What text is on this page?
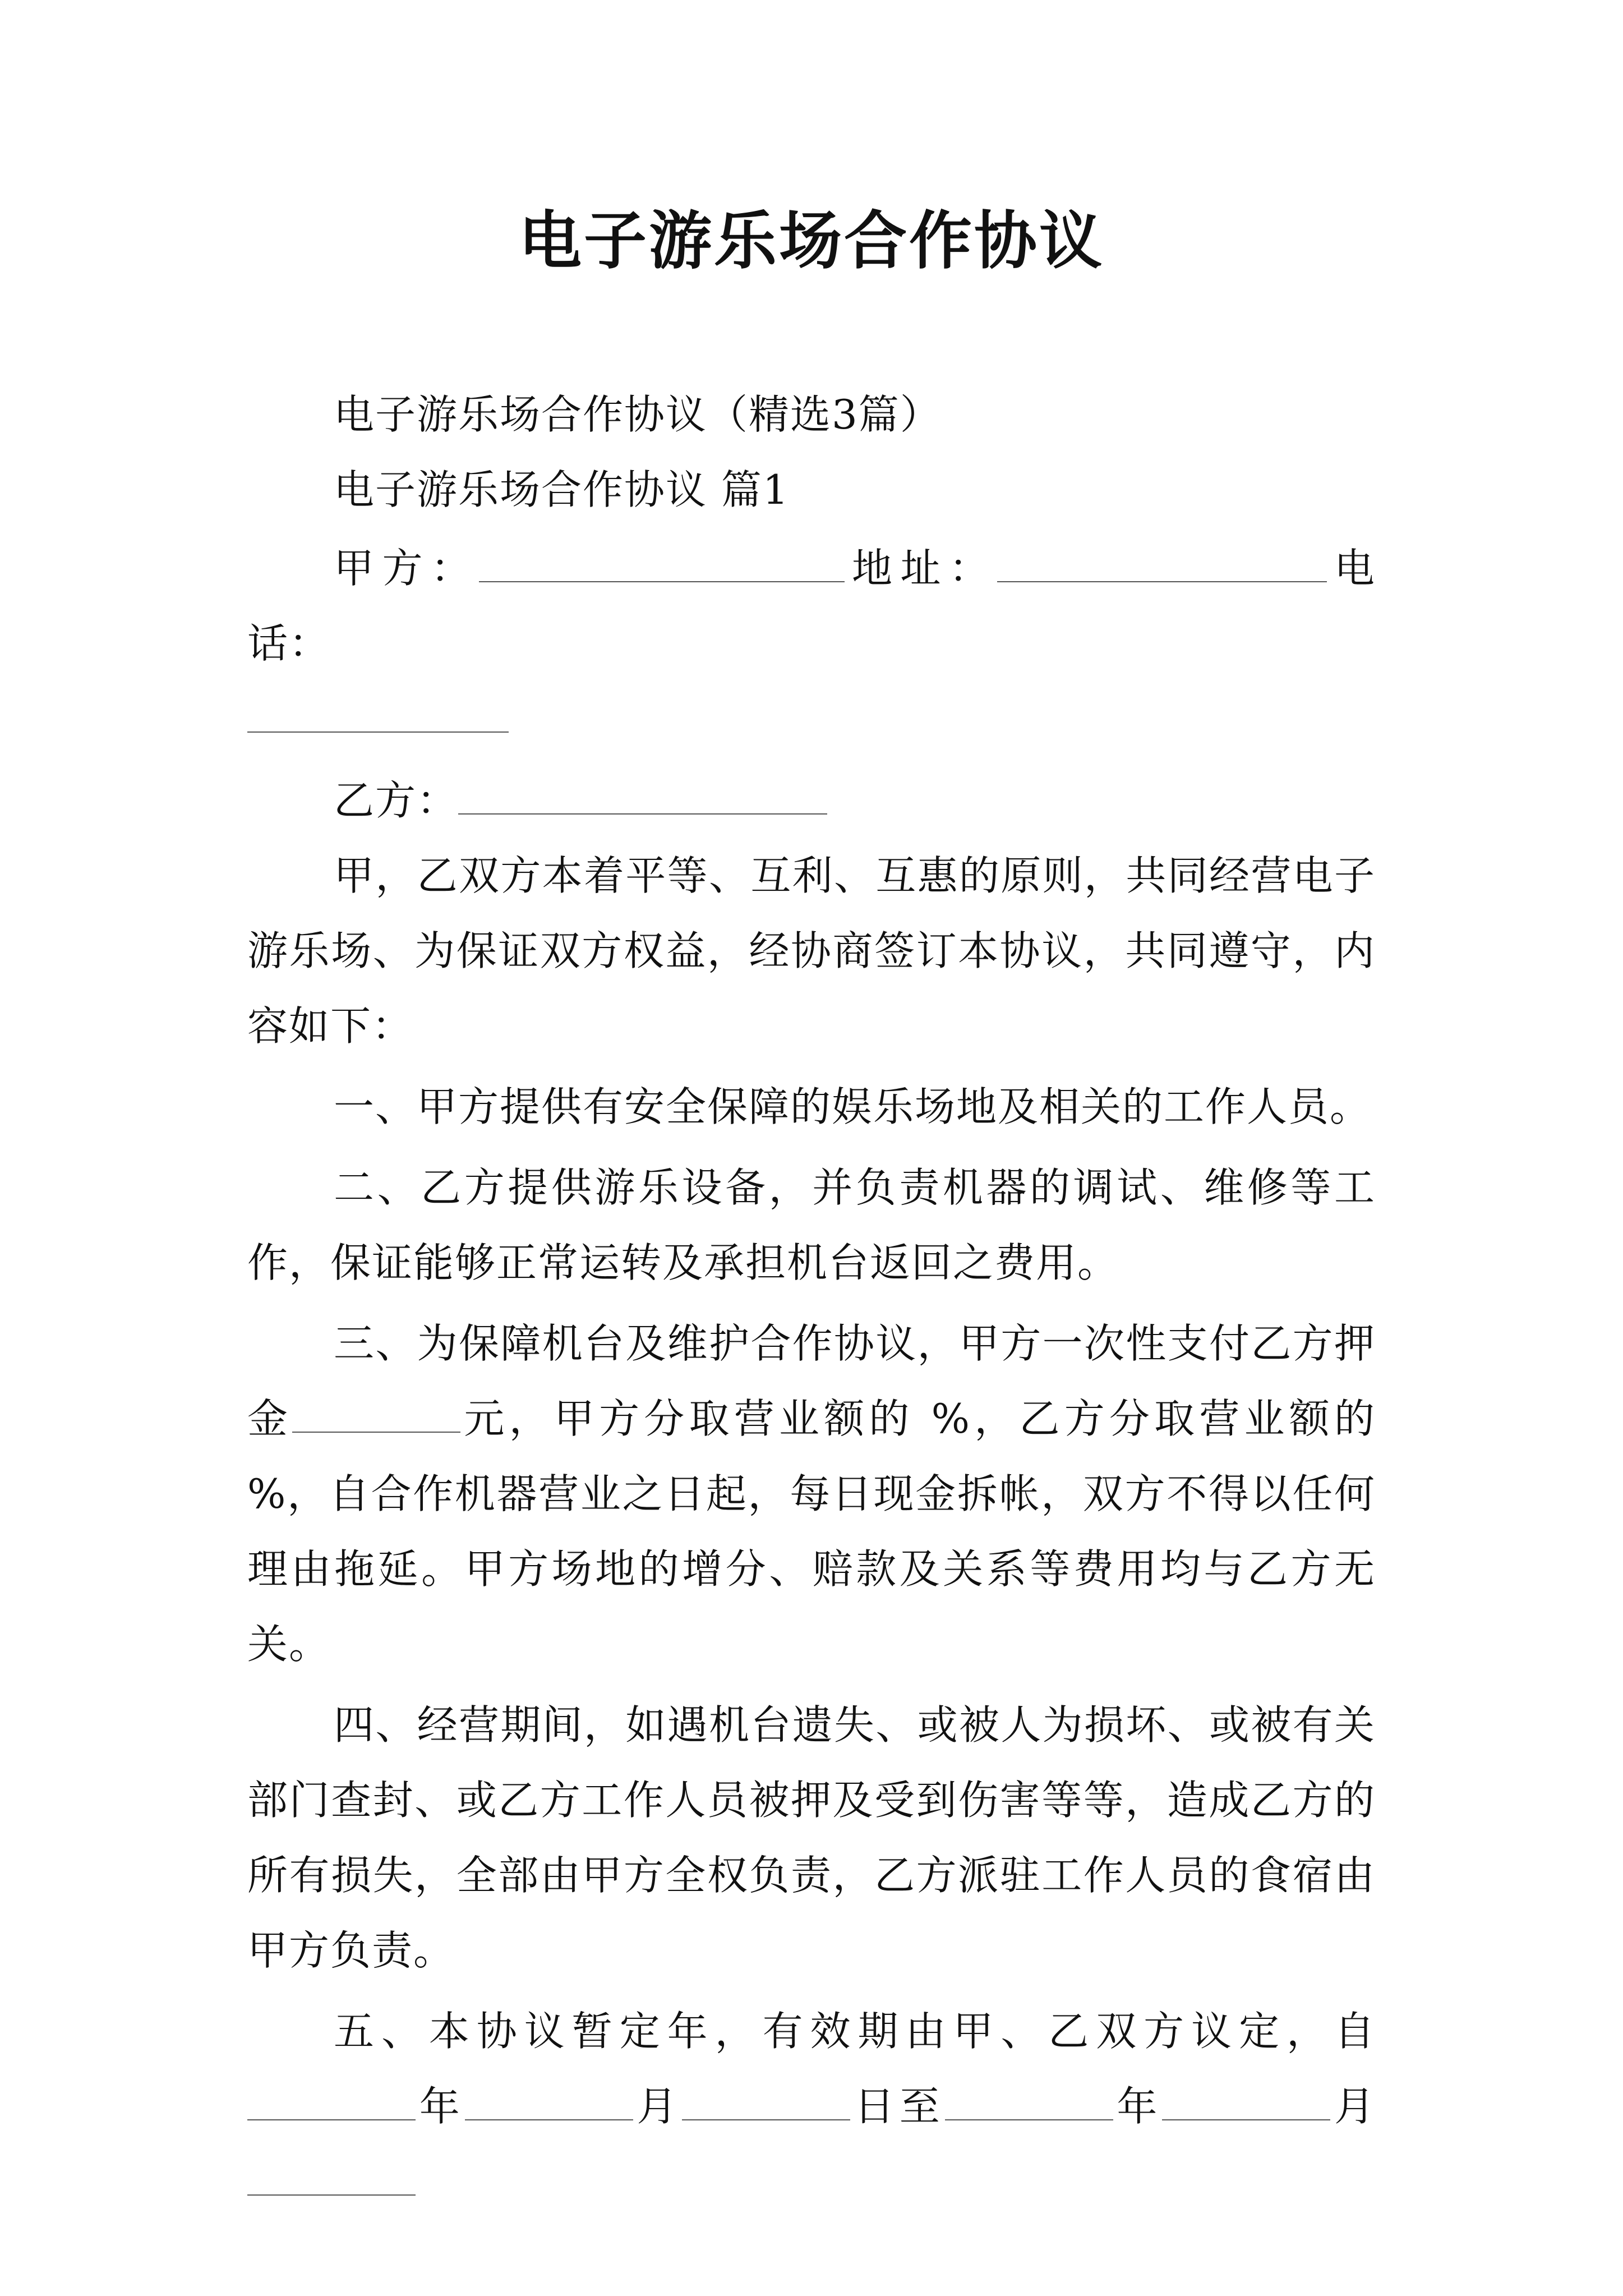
电子游乐场合作协议

电子游乐场合作协议（精选3篇）

电子游乐场合作协议 篇1

甲方：	地址：	电话：

乙方：

甲，乙双方本着平等、互利、互惠的原则，共同经营电子游乐场、为保证双方权益，经协商签订本协议，共同遵守，内容如下：

一、甲方提供有安全保障的娱乐场地及相关的工作人员。

二、乙方提供游乐设备，并负责机器的调试、维修等工作，保证能够正常运转及承担机台返回之费用。

三、为保障机台及维护合作协议，甲方一次性支付乙方押金	元，甲方分取营业额的 %，乙方分取营业额的 %，自合作机器营业之日起，每日现金拆帐，双方不得以任何理由拖延。甲方场地的增分、赔款及关系等费用均与乙方无关。

四、经营期间，如遇机台遗失、或被人为损坏、或被有关部门查封、或乙方工作人员被押及受到伤害等等，造成乙方的所有损失，全部由甲方全权负责，乙方派驻工作人员的食宿由甲方负责。

五、本协议暂定年，有效期由甲、乙双方议定，自年	月	日至	年	月
